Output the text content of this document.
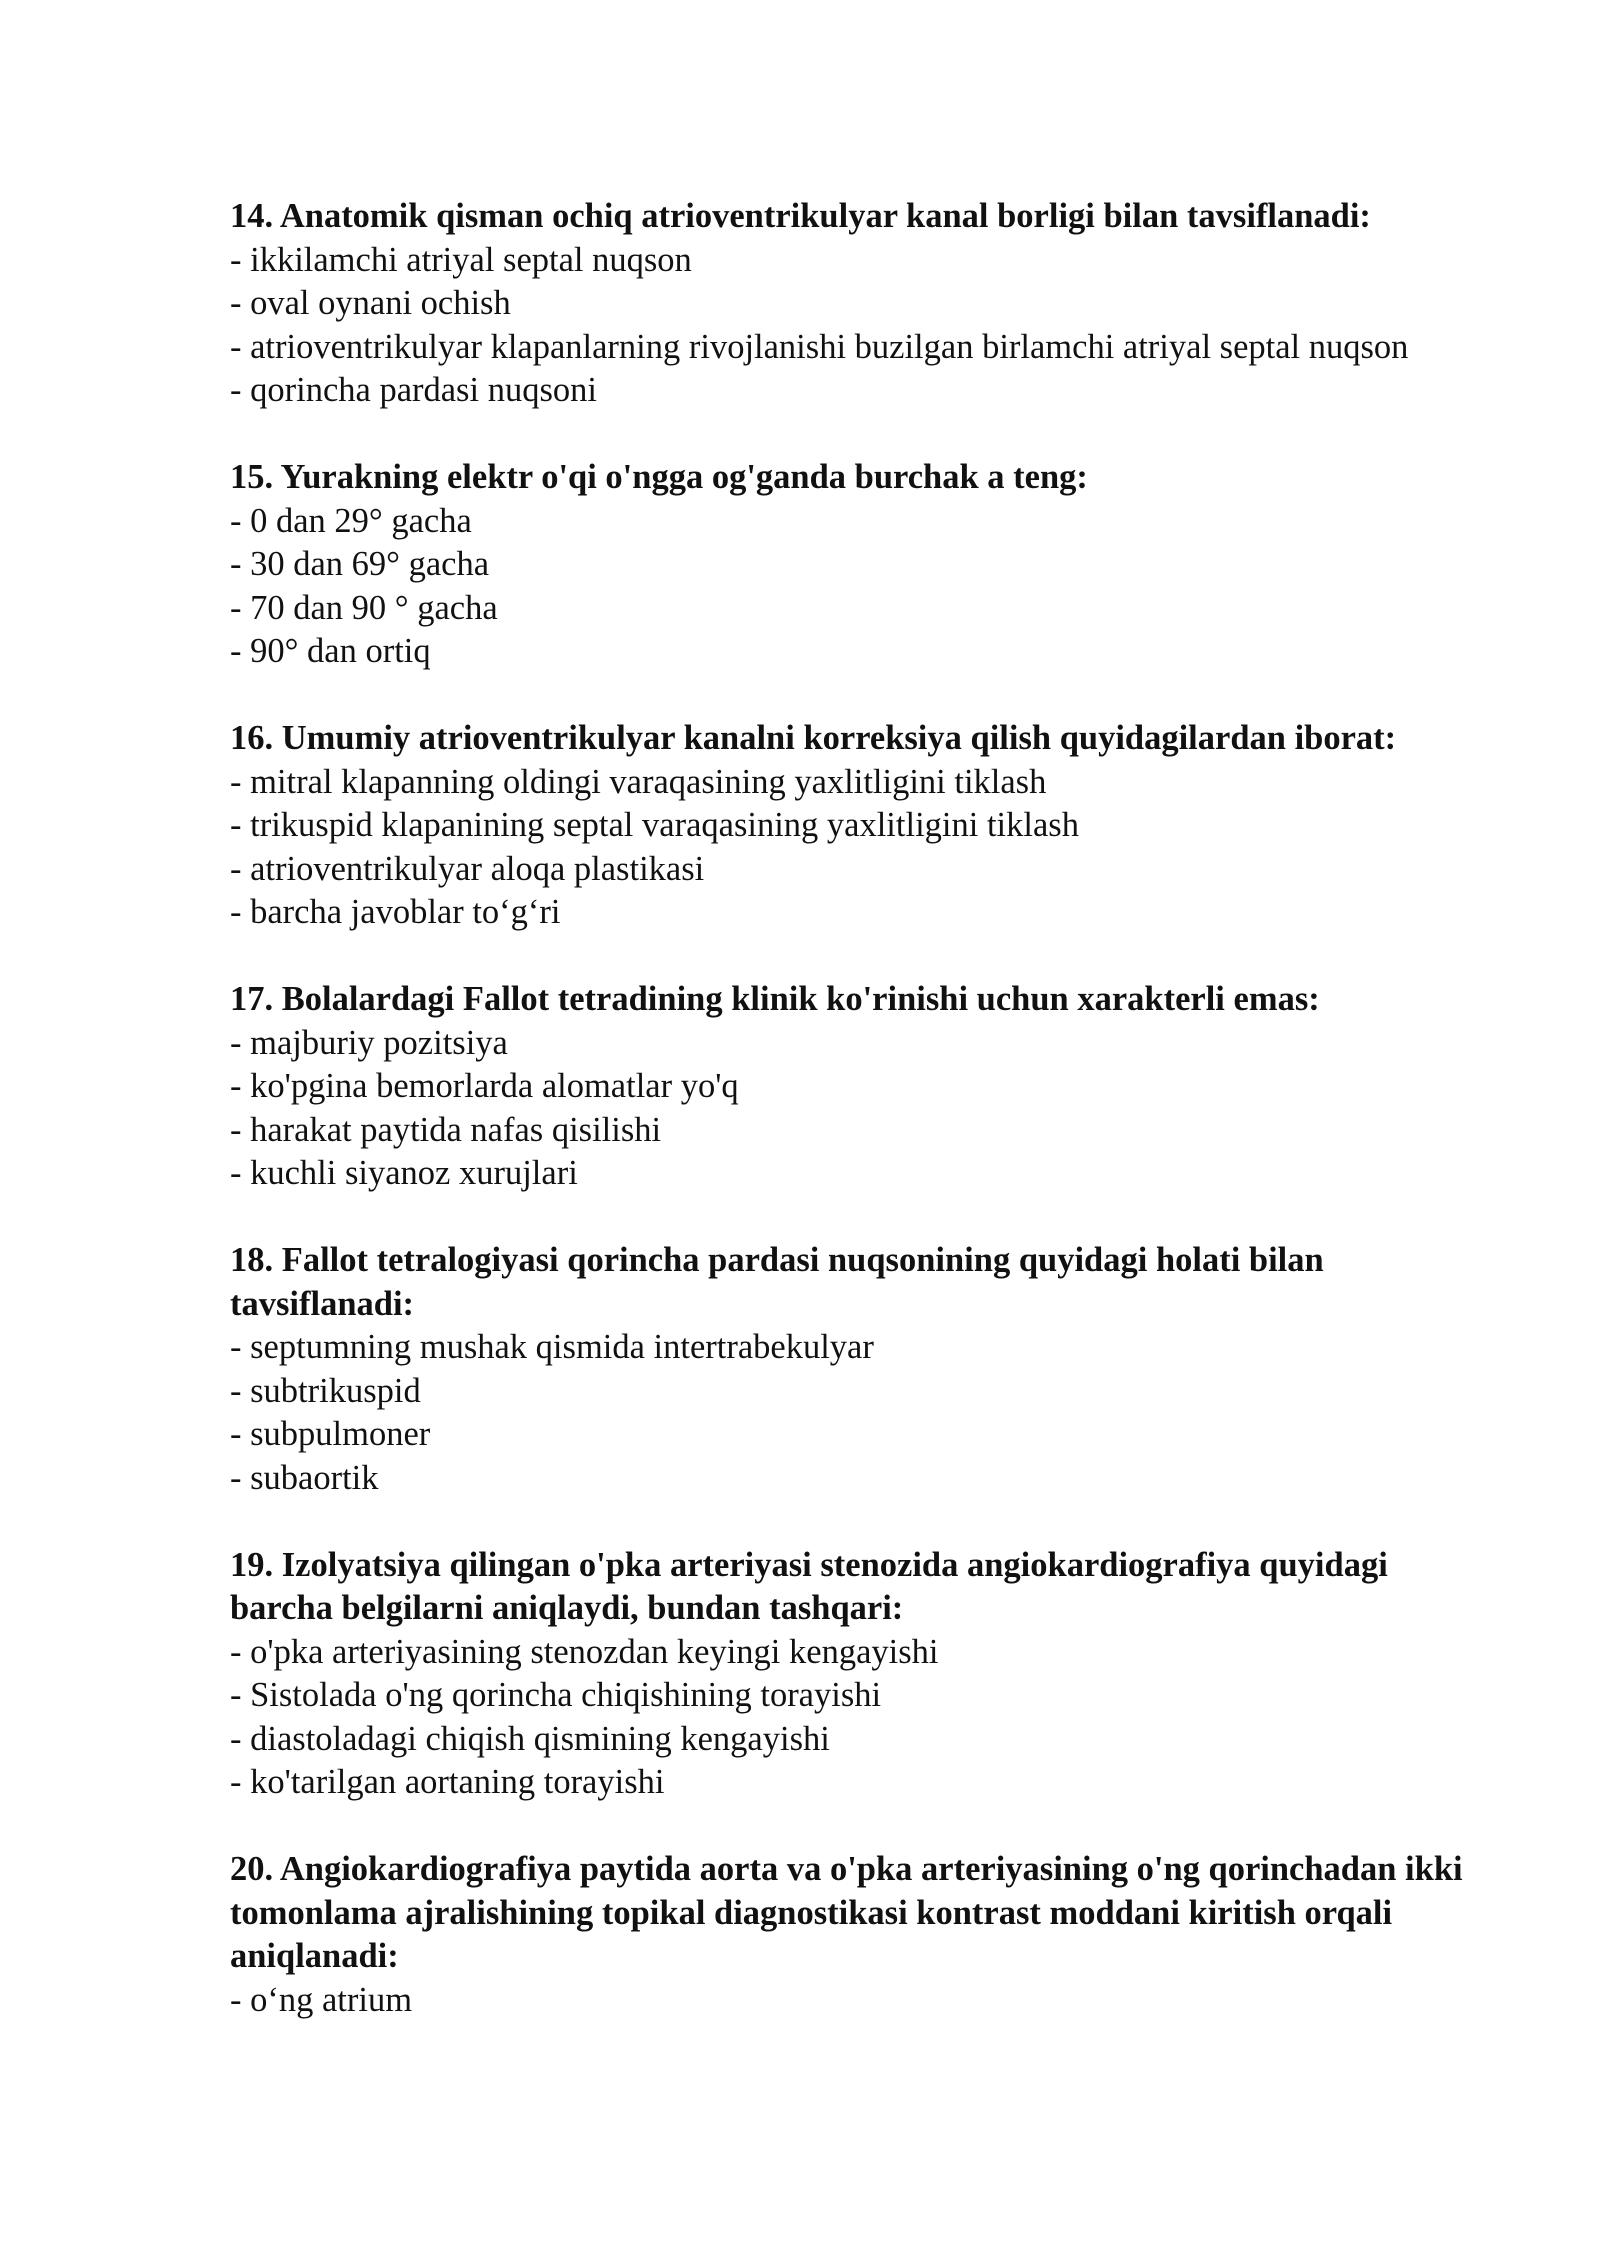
14. Anatomik qisman ochiq atrioventrikulyar kanal borligi bilan tavsiflanadi:

- ikkilamchi atriyal septal nuqson
- oval oynani ochish
- atrioventrikulyar klapanlarning rivojlanishi buzilgan birlamchi atriyal septal nuqson
- qorincha pardasi nuqsoni

15. Yurakning elektr o'qi o'ngga og'ganda burchak a teng:

- 0 dan 29° gacha
- 30 dan 69° gacha
- 70 dan 90 ° gacha
- 90° dan ortiq

16. Umumiy atrioventrikulyar kanalni korreksiya qilish quyidagilardan iborat:

- mitral klapanning oldingi varaqasining yaxlitligini tiklash
- trikuspid klapanining septal varaqasining yaxlitligini tiklash
- atrioventrikulyar aloqa plastikasi
- barcha javoblar to‘g‘ri

17. Bolalardagi Fallot tetradining klinik ko'rinishi uchun xarakterli emas:

- majburiy pozitsiya
- ko'pgina bemorlarda alomatlar yo'q
- harakat paytida nafas qisilishi
- kuchli siyanoz xurujlari

18. Fallot tetralogiyasi qorincha pardasi nuqsonining quyidagi holati bilan tavsiflanadi:

- septumning mushak qismida intertrabekulyar
- subtrikuspid
- subpulmoner
- subaortik

19. Izolyatsiya qilingan o'pka arteriyasi stenozida angiokardiografiya quyidagi barcha belgilarni aniqlaydi, bundan tashqari:

- o'pka arteriyasining stenozdan keyingi kengayishi
- Sistolada o'ng qorincha chiqishining torayishi
- diastoladagi chiqish qismining kengayishi
- ko'tarilgan aortaning torayishi

20. Angiokardiografiya paytida aorta va o'pka arteriyasining o'ng qorinchadan ikki tomonlama ajralishining topikal diagnostikasi kontrast moddani kiritish orqali aniqlanadi:

- o‘ng atrium
